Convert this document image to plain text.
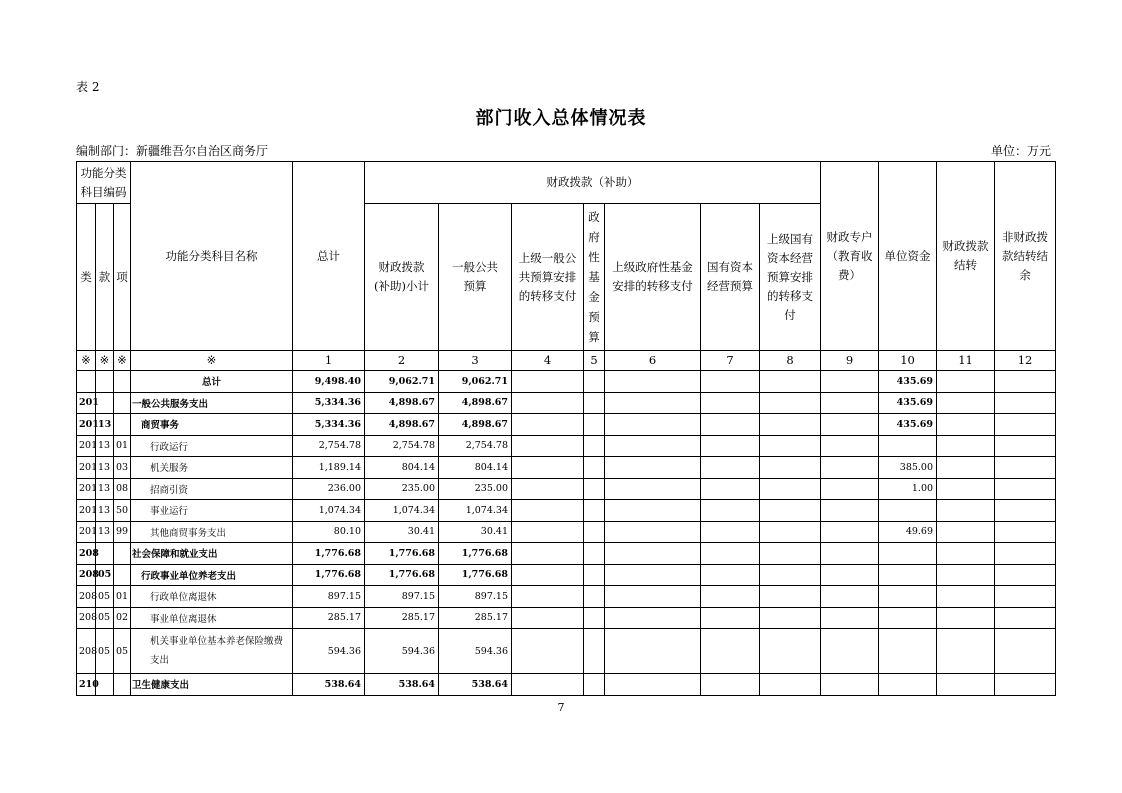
表 2
部门收入总体情况表
编制部门：新疆维吾尔自治区商务厅	单位：万元
功能分类科目编码			功能分类科目名称	总计	财政拨款（补助）							财政专户（教育收费）	单位资金	财政拨款结转	非财政拨款结转结余
类	款	项			财政拨款(补助)小计	一般公共预算	上级一般公共预算安排的转移支付	政府性基金预算	上级政府性基金安排的转移支付	国有资本经营预算	上级国有资本经营预算安排的转移支付				
※	※	※	※	1	2	3	4	5	6	7	8	9	10	11	12
			总计	9,498.40	9,062.71	9,062.71							435.69		
201			一般公共服务支出	5,334.36	4,898.67	4,898.67							435.69		
201	13		商贸事务	5,334.36	4,898.67	4,898.67							435.69		
201	13	01	行政运行	2,754.78	2,754.78	2,754.78									
201	13	03	机关服务	1,189.14	804.14	804.14							385.00		
201	13	08	招商引资	236.00	235.00	235.00							1.00		
201	13	50	事业运行	1,074.34	1,074.34	1,074.34									
201	13	99	其他商贸事务支出	80.10	30.41	30.41							49.69		
208			社会保障和就业支出	1,776.68	1,776.68	1,776.68									
208	05		行政事业单位养老支出	1,776.68	1,776.68	1,776.68									
208	05	01	行政单位离退休	897.15	897.15	897.15									
208	05	02	事业单位离退休	285.17	285.17	285.17									
208	05	05	机关事业单位基本养老保险缴费支出	594.36	594.36	594.36									
210			卫生健康支出	538.64	538.64	538.64									
7
